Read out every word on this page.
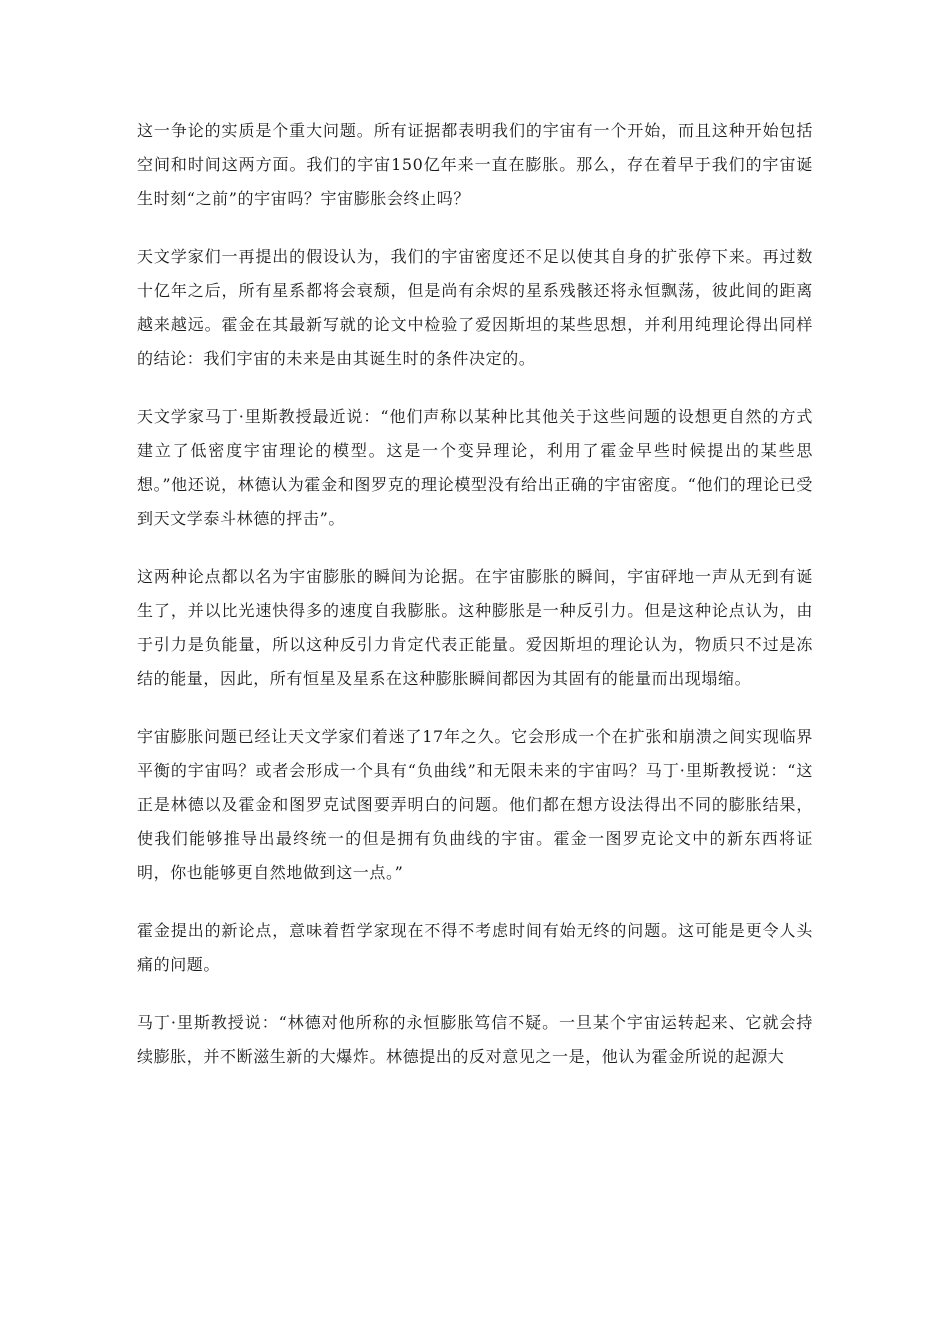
这一争论的实质是个重大问题。所有证据都表明我们的宇宙有一个开始，而且这种开始包括空间和时间这两方面。我们的宇宙150亿年来一直在膨胀。那么，存在着早于我们的宇宙诞生时刻“之前”的宇宙吗？宇宙膨胀会终止吗？

天文学家们一再提出的假设认为，我们的宇宙密度还不足以使其自身的扩张停下来。再过数十亿年之后，所有星系都将会衰颓，但是尚有余烬的星系残骸还将永恒飘荡，彼此间的距离越来越远。霍金在其最新写就的论文中检验了爱因斯坦的某些思想，并利用纯理论得出同样的结论：我们宇宙的未来是由其诞生时的条件决定的。

天文学家马丁·里斯教授最近说：“他们声称以某种比其他关于这些问题的设想更自然的方式建立了低密度宇宙理论的模型。这是一个变异理论，利用了霍金早些时候提出的某些思想。”他还说，林德认为霍金和图罗克的理论模型没有给出正确的宇宙密度。“他们的理论已受到天文学泰斗林德的抨击”。

这两种论点都以名为宇宙膨胀的瞬间为论据。在宇宙膨胀的瞬间，宇宙砰地一声从无到有诞生了，并以比光速快得多的速度自我膨胀。这种膨胀是一种反引力。但是这种论点认为，由于引力是负能量，所以这种反引力肯定代表正能量。爱因斯坦的理论认为，物质只不过是冻结的能量，因此，所有恒星及星系在这种膨胀瞬间都因为其固有的能量而出现塌缩。

宇宙膨胀问题已经让天文学家们着迷了17年之久。它会形成一个在扩张和崩溃之间实现临界平衡的宇宙吗？或者会形成一个具有“负曲线”和无限未来的宇宙吗？马丁·里斯教授说：“这正是林德以及霍金和图罗克试图要弄明白的问题。他们都在想方设法得出不同的膨胀结果，使我们能够推导出最终统一的但是拥有负曲线的宇宙。霍金一图罗克论文中的新东西将证明，你也能够更自然地做到这一点。”

霍金提出的新论点，意味着哲学家现在不得不考虑时间有始无终的问题。这可能是更令人头痛的问题。

马丁·里斯教授说：“林德对他所称的永恒膨胀笃信不疑。一旦某个宇宙运转起来、它就会持续膨胀，并不断滋生新的大爆炸。林德提出的反对意见之一是，他认为霍金所说的起源大
